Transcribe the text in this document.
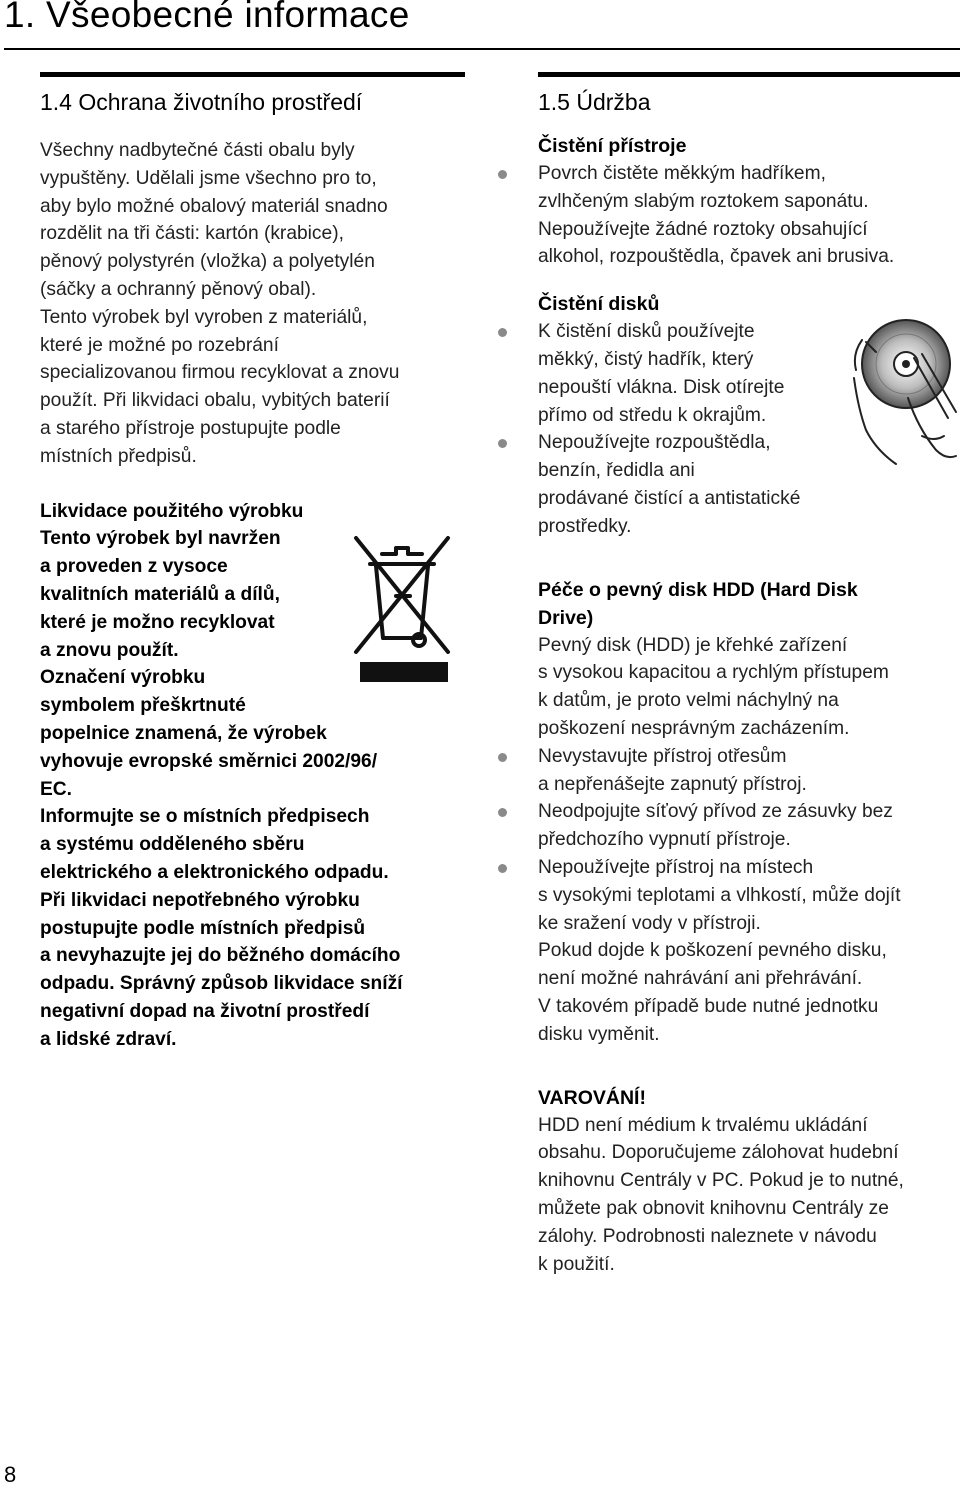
1. Všeobecné informace
1.4 Ochrana životního prostředí
Všechny nadbytečné části obalu byly
vypuštěny. Udělali jsme všechno pro to,
aby bylo možné obalový materiál snadno
rozdělit na tři části: kartón (krabice),
pěnový polystyrén (vložka) a polyetylén
(sáčky a ochranný pěnový obal).
Tento výrobek byl vyroben z materiálů,
které je možné po rozebrání
specializovanou firmou recyklovat a znovu
použít. Při likvidaci obalu, vybitých baterií
a starého přístroje postupujte podle
místních předpisů.
Likvidace použitého výrobku
Tento výrobek byl navržen
a proveden z vysoce
kvalitních materiálů a dílů,
které je možno recyklovat
a znovu použít.
Označení výrobku
symbolem přeškrtnuté
popelnice znamená, že výrobek
vyhovuje evropské směrnici 2002/96/
EC.
Informujte se o místních předpisech
a systému odděleného sběru
elektrického a elektronického odpadu.
Při likvidaci nepotřebného výrobku
postupujte podle místních předpisů
a nevyhazujte jej do běžného domácího
odpadu. Správný způsob likvidace sníží
negativní dopad na životní prostředí
a lidské zdraví.
1.5 Údržba
Čistění přístroje
Povrch čistěte měkkým hadříkem,
zvlhčeným slabým roztokem saponátu.
Nepoužívejte žádné roztoky obsahující
alkohol, rozpouštědla, čpavek ani brusiva.
Čistění disků
K čistění disků používejte
měkký, čistý hadřík, který
nepouští vlákna. Disk otírejte
přímo od středu k okrajům.
Nepoužívejte rozpouštědla,
benzín, ředidla ani
prodávané čistící a antistatické
prostředky.
Péče o pevný disk HDD (Hard Disk
Drive)
Pevný disk (HDD) je křehké zařízení
s vysokou kapacitou a rychlým přístupem
k datům, je proto velmi náchylný na
poškození nesprávným zacházením.
Nevystavujte přístroj otřesům
a nepřenášejte zapnutý přístroj.
Neodpojujte síťový přívod ze zásuvky bez
předchozího vypnutí přístroje.
Nepoužívejte přístroj na místech
s vysokými teplotami a vlhkostí, může dojít
ke sražení vody v přístroji.
Pokud dojde k poškození pevného disku,
není možné nahrávání ani přehrávání.
V takovém případě bude nutné jednotku
disku vyměnit.
VAROVÁNÍ!
HDD není médium k trvalému ukládání
obsahu. Doporučujeme zálohovat hudební
knihovnu Centrály v PC. Pokud je to nutné,
můžete pak obnovit knihovnu Centrály ze
zálohy. Podrobnosti naleznete v návodu
k použití.
8
